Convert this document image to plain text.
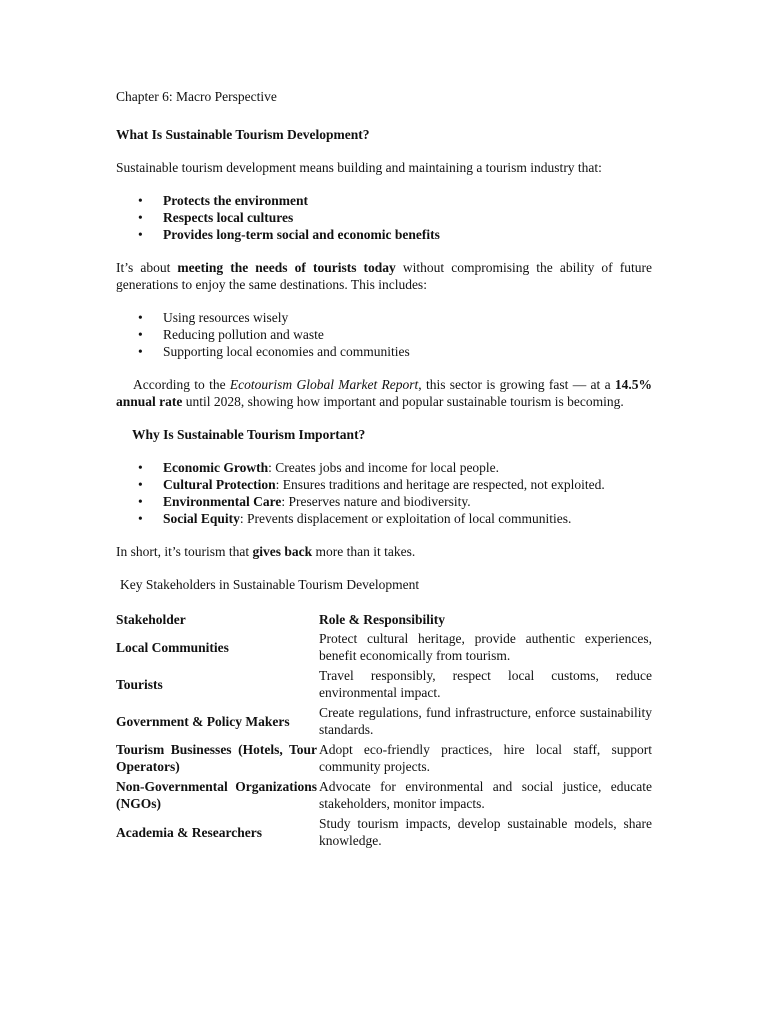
Chapter 6: Macro Perspective

What Is Sustainable Tourism Development?

Sustainable tourism development means building and maintaining a tourism industry that:

• Protects the environment
• Respects local cultures
• Provides long-term social and economic benefits

It’s about meeting the needs of tourists today without compromising the ability of future generations to enjoy the same destinations. This includes:

• Using resources wisely
• Reducing pollution and waste
• Supporting local economies and communities

According to the Ecotourism Global Market Report, this sector is growing fast — at a 14.5% annual rate until 2028, showing how important and popular sustainable tourism is becoming.

Why Is Sustainable Tourism Important?

• Economic Growth: Creates jobs and income for local people.
• Cultural Protection: Ensures traditions and heritage are respected, not exploited.
• Environmental Care: Preserves nature and biodiversity.
• Social Equity: Prevents displacement or exploitation of local communities.

In short, it’s tourism that gives back more than it takes.

Key Stakeholders in Sustainable Tourism Development

Stakeholder	Role & Responsibility
Local Communities	Protect cultural heritage, provide authentic experiences, benefit economically from tourism.
Tourists	Travel responsibly, respect local customs, reduce environmental impact.
Government & Policy Makers	Create regulations, fund infrastructure, enforce sustainability standards.
Tourism Businesses (Hotels, Tour Operators)	Adopt eco-friendly practices, hire local staff, support community projects.
Non-Governmental Organizations (NGOs)	Advocate for environmental and social justice, educate stakeholders, monitor impacts.
Academia & Researchers	Study tourism impacts, develop sustainable models, share knowledge.
